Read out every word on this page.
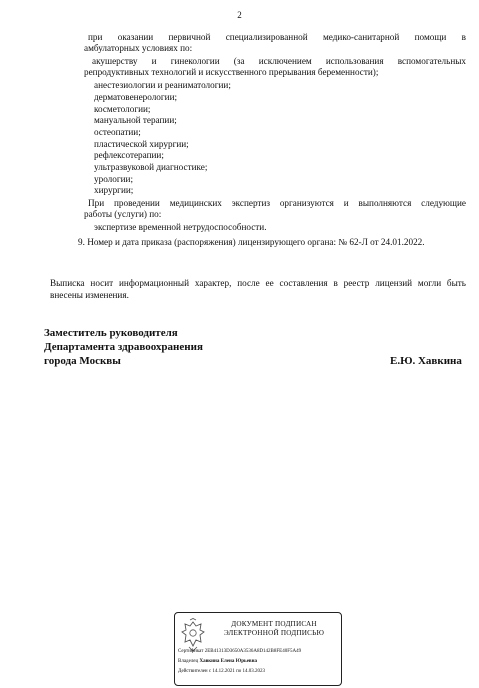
2
при оказании первичной специализированной медико-санитарной помощи в
амбулаторных условиях по:
акушерству и гинекологии (за исключением использования вспомогательных
репродуктивных технологий и искусственного прерывания беременности);
анестезиологии и реаниматологии;
дерматовенерологии;
косметологии;
мануальной терапии;
остеопатии;
пластической хирургии;
рефлексотерапии;
ультразвуковой диагностике;
урологии;
хирургии;
При проведении медицинских экспертиз организуются и выполняются следующие
работы (услуги) по:
экспертизе временной нетрудоспособности.
9. Номер и дата приказа (распоряжения) лицензирующего органа: № 62-Л от 24.01.2022.
Выписка носит информационный характер, после ее составления в реестр лицензий могли быть
внесены изменения.
Заместитель руководителя
Департамента здравоохранения
города Москвы	Е.Ю. Хавкина
ДОКУМЕНТ ПОДПИСАН
ЭЛЕКТРОННОЙ ПОДПИСЬЮ
Сертификат 2EB41313D3650A3536A8D142B8FE40F5A49
Владелец Хавкина Елена Юрьевна
Действителен с 14.12.2021 по 14.03.2023
